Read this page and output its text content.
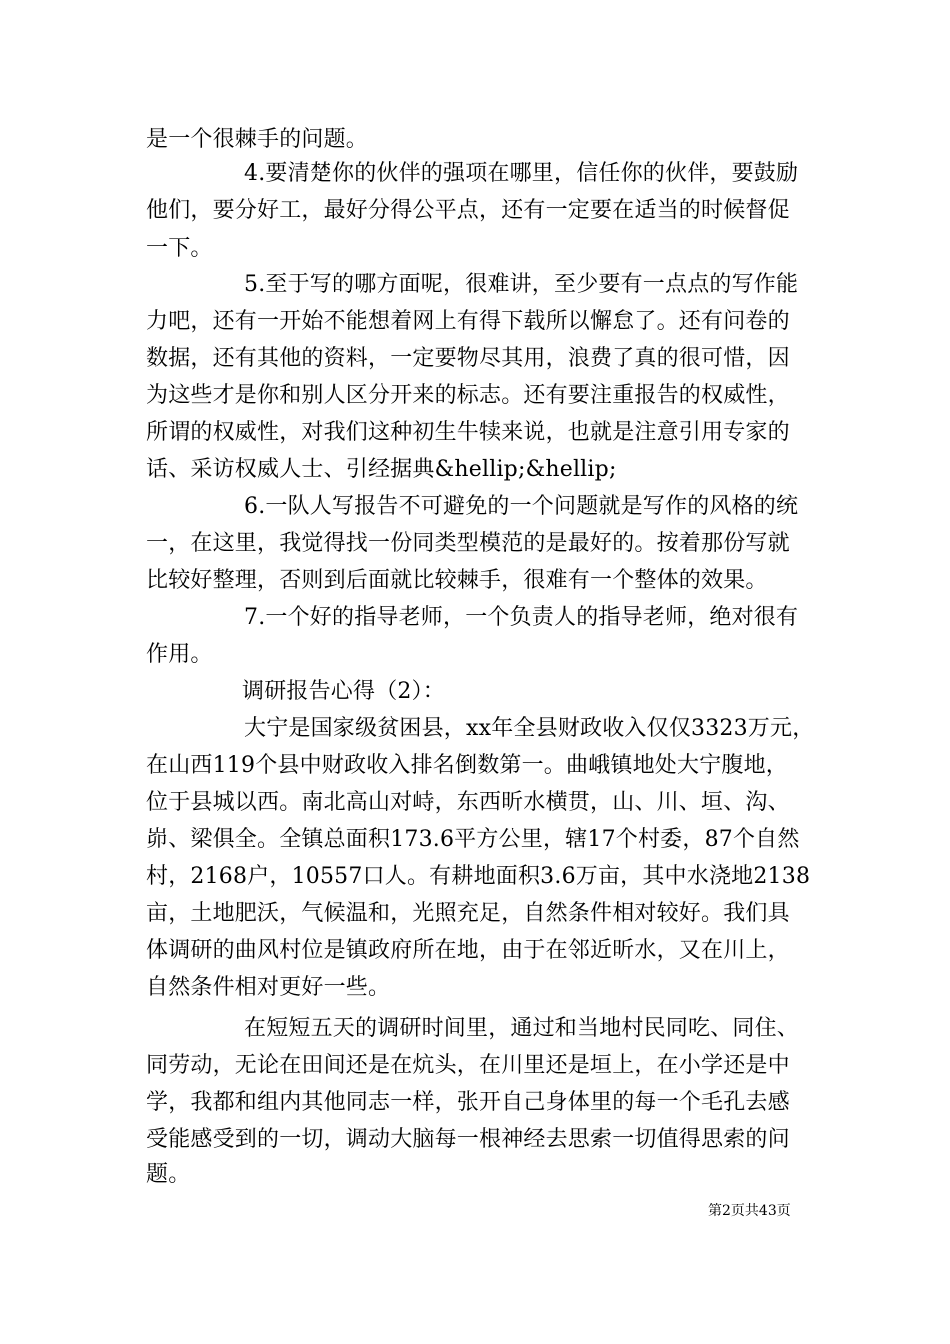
是一个很棘手的问题。
4.要清楚你的伙伴的强项在哪里，信任你的伙伴，要鼓励
他们，要分好工，最好分得公平点，还有一定要在适当的时候督促
一下。
5.至于写的哪方面呢，很难讲，至少要有一点点的写作能
力吧，还有一开始不能想着网上有得下载所以懈怠了。还有问卷的
数据，还有其他的资料，一定要物尽其用，浪费了真的很可惜，因
为这些才是你和别人区分开来的标志。还有要注重报告的权威性，
所谓的权威性，对我们这种初生牛犊来说，也就是注意引用专家的
话、采访权威人士、引经据典&hellip;&hellip;
6.一队人写报告不可避免的一个问题就是写作的风格的统
一，在这里，我觉得找一份同类型模范的是最好的。按着那份写就
比较好整理，否则到后面就比较棘手，很难有一个整体的效果。
7.一个好的指导老师，一个负责人的指导老师，绝对很有
作用。
调研报告心得（2）：
大宁是国家级贫困县，xx年全县财政收入仅仅3323万元，
在山西119个县中财政收入排名倒数第一。曲峨镇地处大宁腹地，
位于县城以西。南北高山对峙，东西昕水横贯，山、川、垣、沟、
峁、梁俱全。全镇总面积173.6平方公里，辖17个村委，87个自然
村，2168户，10557口人。有耕地面积3.6万亩，其中水浇地2138
亩，土地肥沃，气候温和，光照充足，自然条件相对较好。我们具
体调研的曲风村位是镇政府所在地，由于在邻近昕水，又在川上，
自然条件相对更好一些。
在短短五天的调研时间里，通过和当地村民同吃、同住、
同劳动，无论在田间还是在炕头，在川里还是垣上，在小学还是中
学，我都和组内其他同志一样，张开自己身体里的每一个毛孔去感
受能感受到的一切，调动大脑每一根神经去思索一切值得思索的问
题。
第2页共43页
